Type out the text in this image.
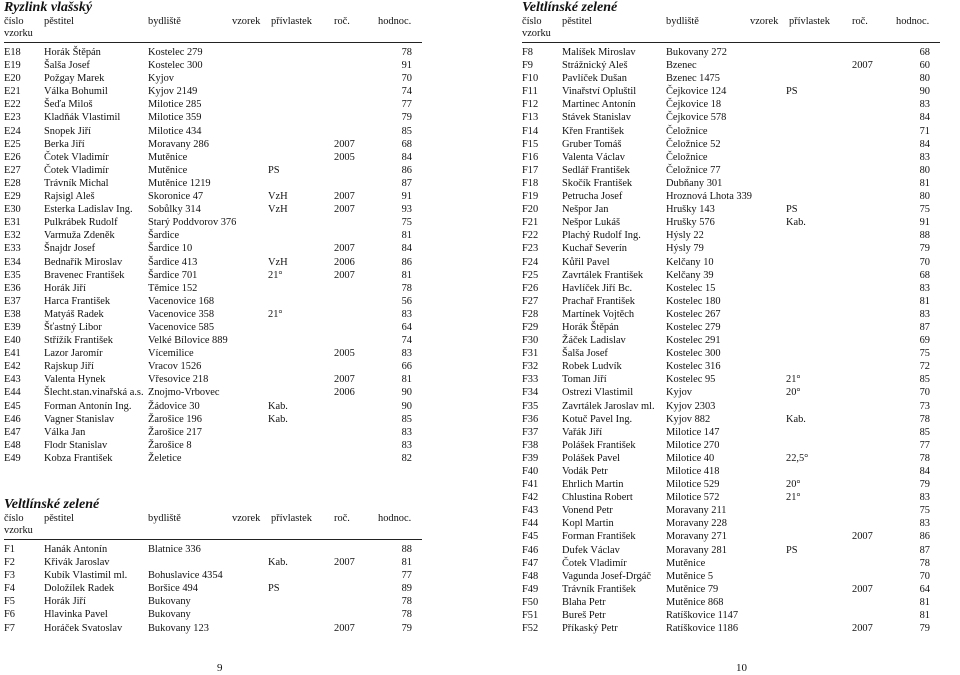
Ryzlink vlašský
číslo pěstitel	bydliště	vzorek přívlastek roč.	hodnoc.
vzorku
E18 Horák Štěpán	Kostelec 279	78
E19 Šalša Josef	Kostelec 300	91
E20 Požgay Marek	Kyjov	70
E21 Válka Bohumil	Kyjov 2149	74
E22 Šeďa Miloš	Milotice 285	77
E23 Kladňák Vlastimil	Milotice 359	79
E24 Snopek Jiří	Milotice 434	85
E25 Berka Jiří	Moravany 286	2007	68
E26 Čotek Vladimír	Mutěnice	2005	84
E27 Čotek Vladimír	Mutěnice	PS	86
E28 Trávník Michal	Mutěnice 1219	87
E29 Rajsigl Aleš	Skoronice 47	VzH	2007	91
E30 Esterka Ladislav Ing. Sobůlky 314	VzH	2007	93
E31 Pulkrábek Rudolf	Starý Poddvorov 376	75
E32 Varmuža Zdeněk	Šardice	81
E33 Šnajdr Josef	Šardice 10	2007	84
E34 Bednařík Miroslav Šardice 413	VzH	2006	86
E35 Bravenec František Šardice 701	21°	2007	81
E36 Horák Jiří	Těmice 152	78
E37 Harca František	Vacenovice 168	56
E38 Matyáš Radek	Vacenovice 358	21°	83
E39 Šťastný Libor	Vacenovice 585	64
E40 Střížík František	Velké Bílovice 889	74
E41 Lazor Jaromír	Vícemilice	2005	83
E42 Rajskup Jiří	Vracov 1526	66
E43 Valenta Hynek	Vřesovice 218	2007	81
E44 Šlecht.stan.vinařská a.s. Znojmo-Vrbovec	2006	90
E45 Forman Antonín Ing. Žádovice 30	Kab.	90
E46 Vagner Stanislav	Žarošice 196	Kab.	85
E47 Válka Jan	Žarošice 217	83
E48 Flodr Stanislav	Žarošice 8	83
E49 Kobza František	Želetice	82
Veltlínské zelené
číslo pěstitel	bydliště	vzorek přívlastek roč.	hodnoc.
vzorku
F1	Hanák Antonín	Blatnice 336	88
F2	Křivák Jaroslav	Kab.	2007	81
F3	Kubík Vlastimil ml. Bohuslavice 4354	77
F4	Doložílek Radek	Boršice 494	PS	89
F5	Horák Jiří	Bukovany	78
F6	Hlavinka Pavel	Bukovany	78
F7	Horáček Svatoslav Bukovany 123	2007	79
Veltlínské zelené
číslo pěstitel	bydliště	vzorek přívlastek roč.	hodnoc.
vzorku
F8	Malíšek Miroslav	Bukovany 272	68
F9	Strážnický Aleš	Bzenec	2007	60
F10 Pavlíček Dušan	Bzenec 1475	80
F11 Vinařství Opluštil	Čejkovice 124	PS	90
F12 Martinec Antonín	Čejkovice 18	83
F13 Stávek Stanislav	Čejkovice 578	84
F14 Křen František	Čeložnice	71
F15 Gruber Tomáš	Čeložnice 52	84
F16 Valenta Václav	Čeložnice	83
F17 Sedlář František	Čeložnice 77	80
F18 Skočík František	Dubňany 301	81
F19 Petrucha Josef	Hroznová Lhota 339	80
F20 Nešpor Jan	Hrušky 143	PS	75
F21 Nešpor Lukáš	Hrušky 576	Kab.	91
F22 Plachý Rudolf Ing. Hýsly 22	88
F23 Kuchař Severín	Hýsly 79	79
F24 Kůřil Pavel	Kelčany 10	70
F25 Zavrtálek František Kelčany 39	68
F26 Havlíček Jiří Bc.	Kostelec 15	83
F27 Prachař František	Kostelec 180	81
F28 Martínek Vojtěch	Kostelec 267	83
F29 Horák Štěpán	Kostelec 279	87
F30 Žáček Ladislav	Kostelec 291	69
F31 Šalša Josef	Kostelec 300	75
F32 Robek Ludvík	Kostelec 316	72
F33 Toman Jiří	Kostelec 95	21°	85
F34 Ostrezi Vlastimil	Kyjov	20°	70
F35 Zavrtálek Jaroslav ml. Kyjov 2303	73
F36 Kotuč Pavel Ing.	Kyjov 882	Kab.	78
F37 Vařák Jiří	Milotice 147	85
F38 Polášek František	Milotice 270	77
F39 Polášek Pavel	Milotice 40	22,5°	78
F40 Vodák Petr	Milotice 418	84
F41 Ehrlich Martin	Milotice 529	20°	79
F42 Chlustina Robert	Milotice 572	21°	83
F43 Vonend Petr	Moravany 211	75
F44 Kopl Martin	Moravany 228	83
F45 Forman František	Moravany 271	2007	86
F46 Dufek Václav	Moravany 281	PS	87
F47 Čotek Vladimír	Mutěnice	78
F48 Vagunda Josef-Drgáč Mutěnice 5	70
F49 Trávník František	Mutěnice 79	2007	64
F50 Blaha Petr	Mutěnice 868	81
F51 Bureš Petr	Ratíškovice 1147	81
F52 Příkaský Petr	Ratíškovice 1186	2007	79
9	10
